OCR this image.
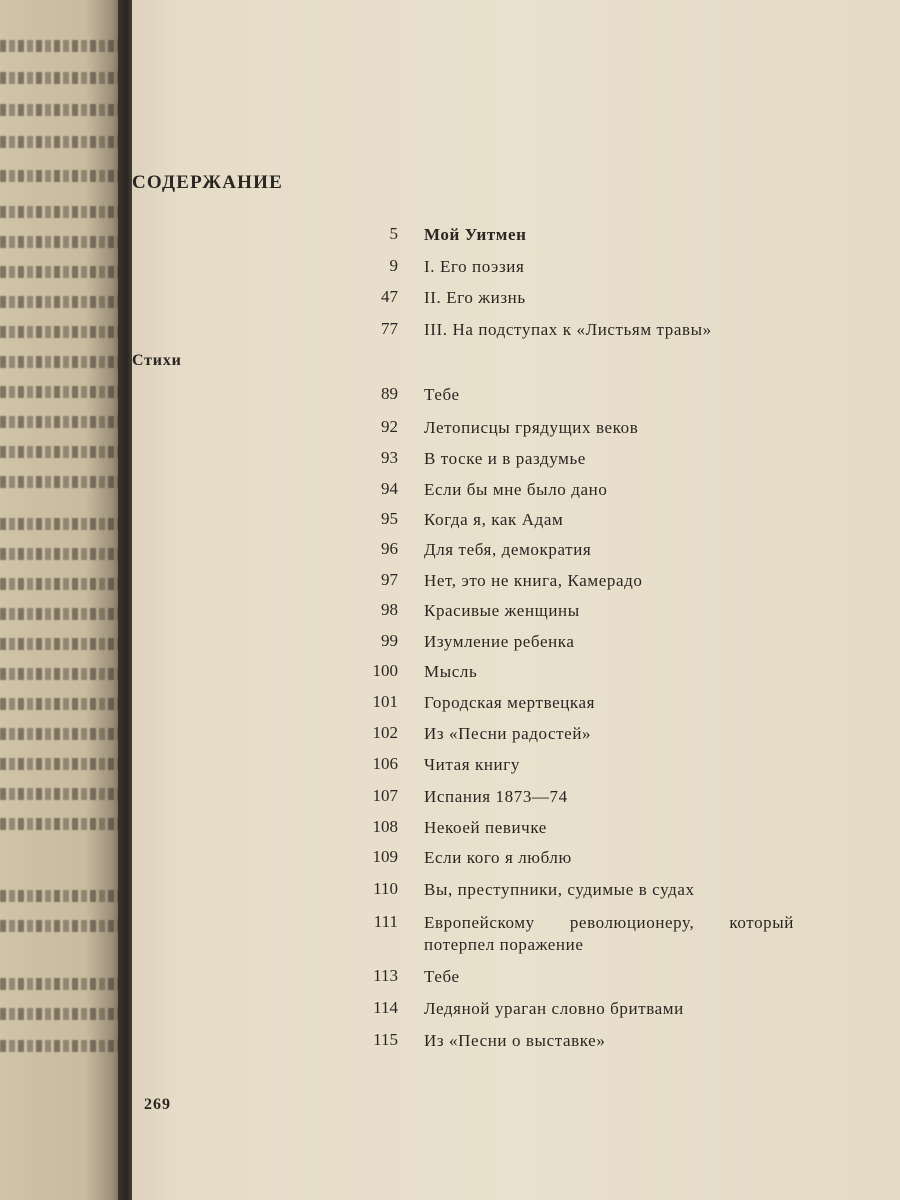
СОДЕРЖАНИЕ
5 Мой Уитмен
9 I. Его поэзия
47 II. Его жизнь
77 III. На подступах к «Листьям травы»
Стихи
89 Тебе
92 Летописцы грядущих веков
93 В тоске и в раздумье
94 Если бы мне было дано
95 Когда я, как Адам
96 Для тебя, демократия
97 Нет, это не книга, Камерадо
98 Красивые женщины
99 Изумление ребенка
100 Мысль
101 Городская мертвецкая
102 Из «Песни радостей»
106 Читая книгу
107 Испания 1873—74
108 Некоей певичке
109 Если кого я люблю
110 Вы, преступники, судимые в судах
111 Европейскому революционеру, который потерпел поражение
113 Тебе
114 Ледяной ураган словно бритвами
115 Из «Песни о выставке»
269
